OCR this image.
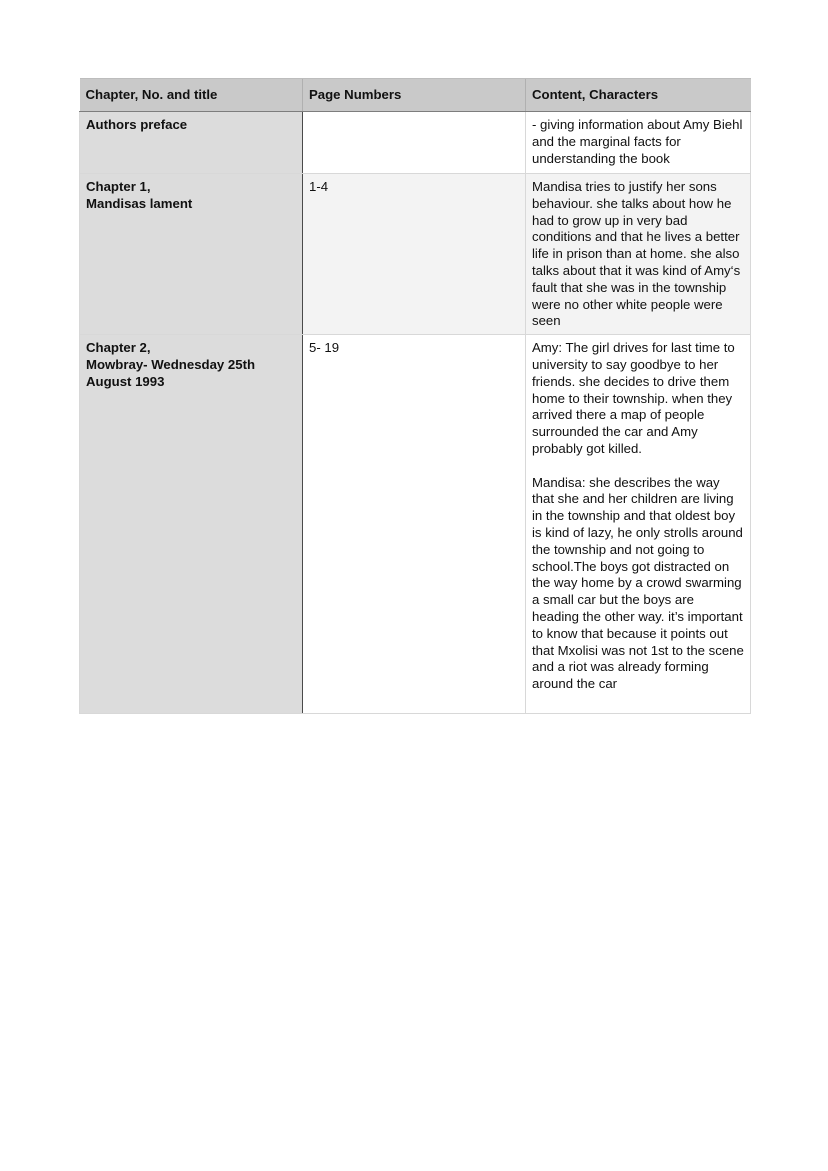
Chapter, No. and title	Page Numbers	Content, Characters

Authors preface		- giving information about Amy Biehl and the marginal facts for understanding the book

Chapter 1,
Mandisas lament	1-4	Mandisa tries to justify her sons behaviour. she talks about how he had to grow up in very bad conditions and that he lives a better life in prison than at home. she also talks about that it was kind of Amy‘s fault that she was in the township were no other white people were seen

Chapter 2,
Mowbray- Wednesday 25th August 1993	5- 19	Amy: The girl drives for last time to university to say goodbye to her friends. she decides to drive them home to their township. when they arrived there a map of people surrounded the car and Amy probably got killed.
Mandisa: she describes the way that she and her children are living in the township and that oldest boy is kind of lazy, he only strolls around the township and not going to school.The boys got distracted on the way home by a crowd swarming a small car but the boys are heading the other way. it’s important to know that because it points out that Mxolisi was not 1st to the scene and a riot was already forming around the car
